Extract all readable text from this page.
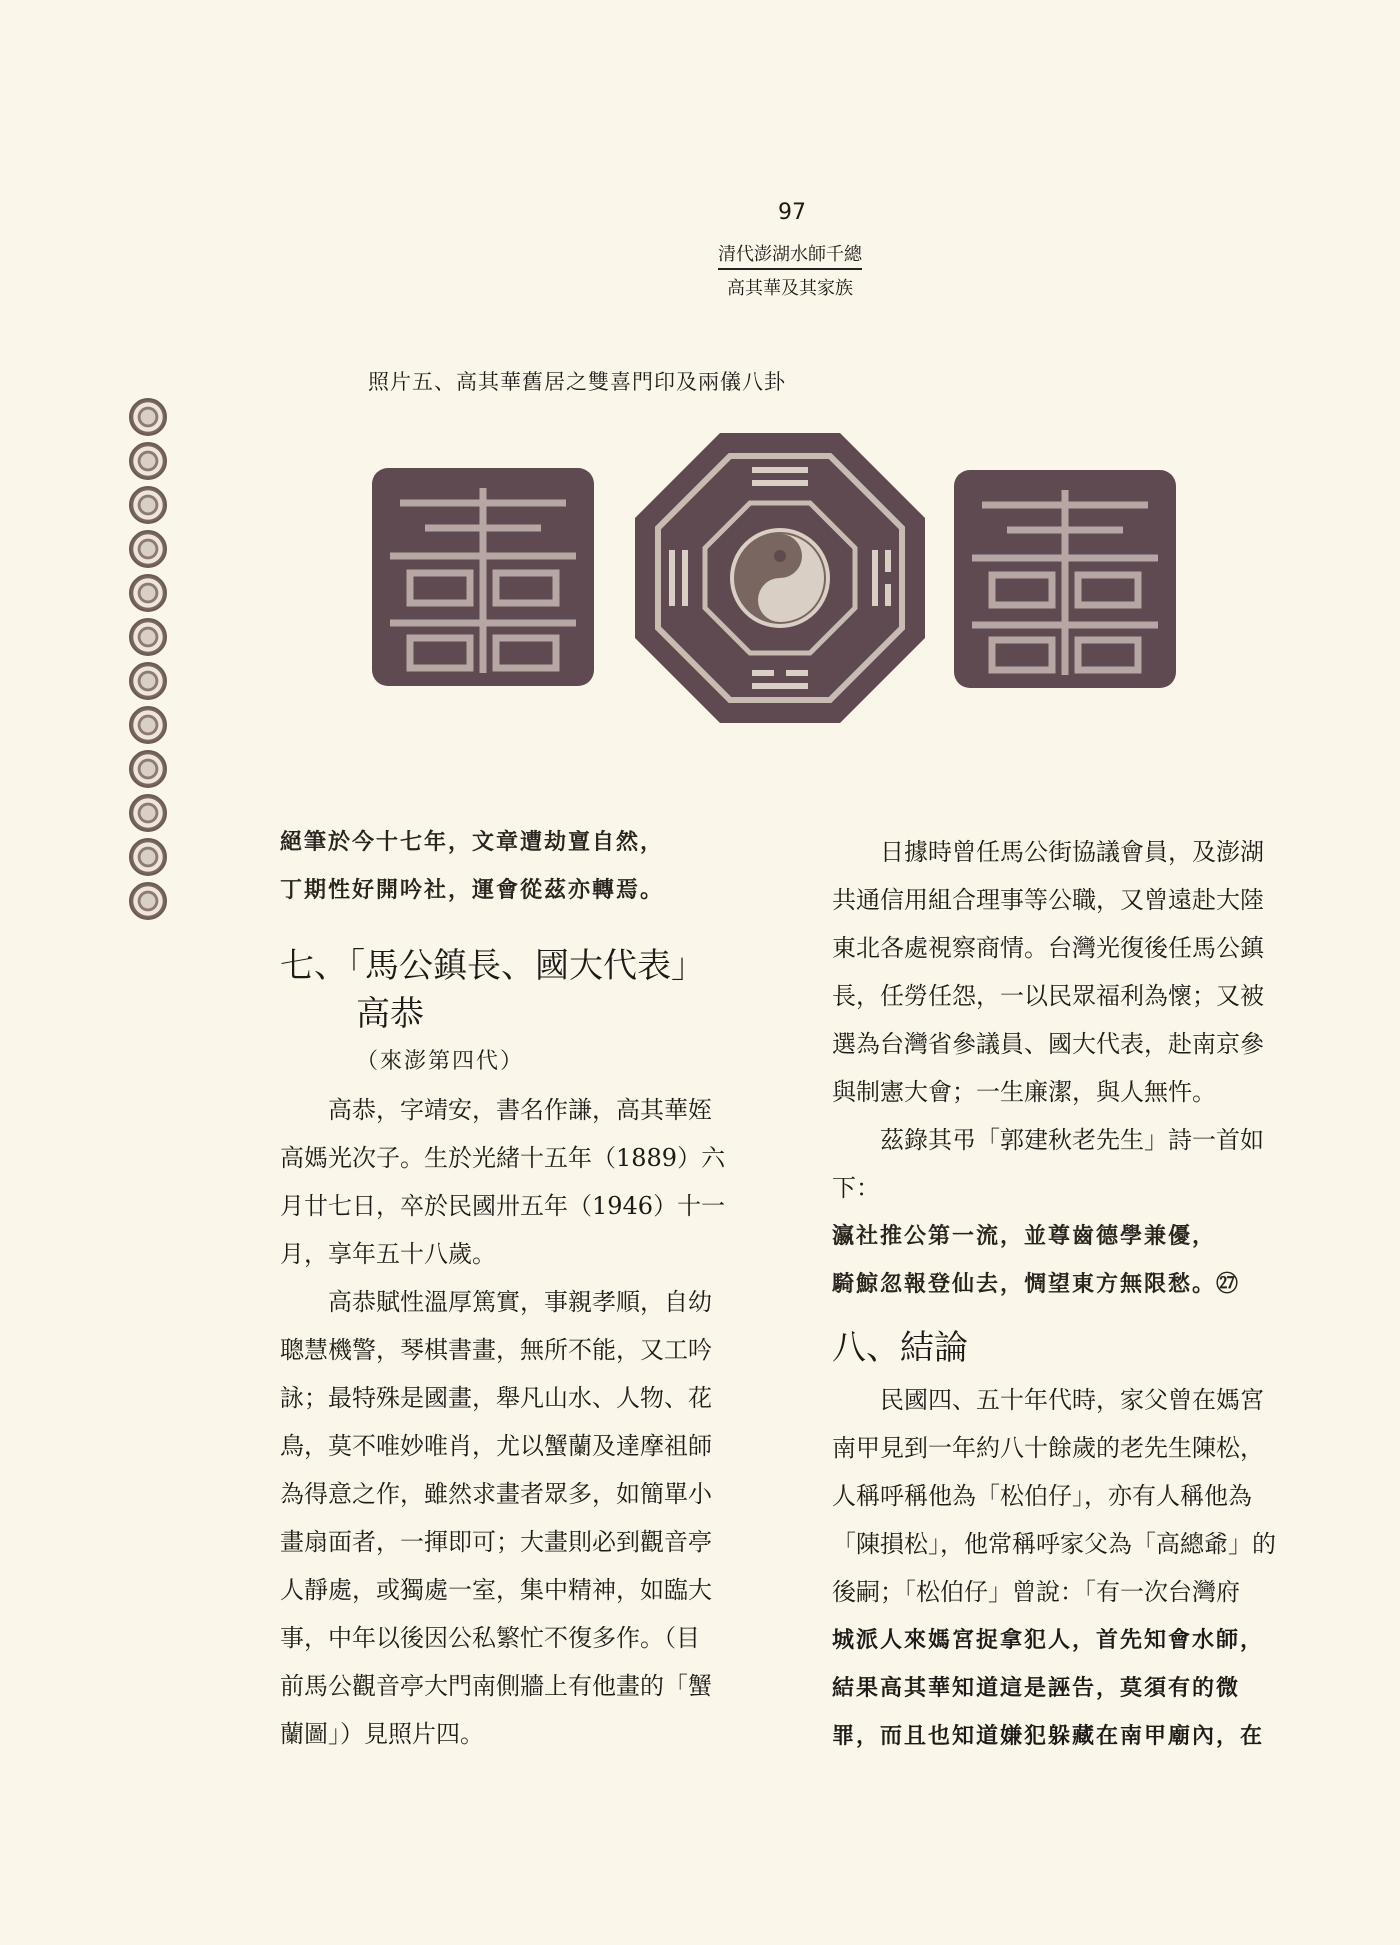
97
清代澎湖水師千總
高其華及其家族
照片五、高其華舊居之雙喜門印及兩儀八卦
絕筆於今十七年，文章遭劫亶自然，
丁期性好開吟社，運會從茲亦轉焉。
七、「馬公鎮長、國大代表」
高恭
（來澎第四代）
高恭，字靖安，書名作謙，高其華姪
高媽光次子。生於光緒十五年（1889）六
月廿七日，卒於民國卅五年（1946）十一
月，享年五十八歲。
高恭賦性溫厚篤實，事親孝順，自幼
聰慧機警，琴棋書畫，無所不能，又工吟
詠；最特殊是國畫，舉凡山水、人物、花
鳥，莫不唯妙唯肖，尤以蟹蘭及達摩祖師
為得意之作，雖然求畫者眾多，如簡單小
畫扇面者，一揮即可；大畫則必到觀音亭
人靜處，或獨處一室，集中精神，如臨大
事，中年以後因公私繁忙不復多作。（目
前馬公觀音亭大門南側牆上有他畫的「蟹
蘭圖」）見照片四。
日據時曾任馬公街協議會員，及澎湖
共通信用組合理事等公職，又曾遠赴大陸
東北各處視察商情。台灣光復後任馬公鎮
長，任勞任怨，一以民眾福利為懷；又被
選為台灣省參議員、國大代表，赴南京參
與制憲大會；一生廉潔，與人無忤。
茲錄其弔「郭建秋老先生」詩一首如
下：
瀛社推公第一流，並尊齒德學兼優，
騎鯨忽報登仙去，惆望東方無限愁。㉗
八、結論
民國四、五十年代時，家父曾在媽宮
南甲見到一年約八十餘歲的老先生陳松，
人稱呼稱他為「松伯仔」，亦有人稱他為
「陳損松」，他常稱呼家父為「高總爺」的
後嗣；「松伯仔」曾說：「有一次台灣府
城派人來媽宮捉拿犯人，首先知會水師，
結果高其華知道這是誣告，莫須有的微
罪，而且也知道嫌犯躲藏在南甲廟內，在
